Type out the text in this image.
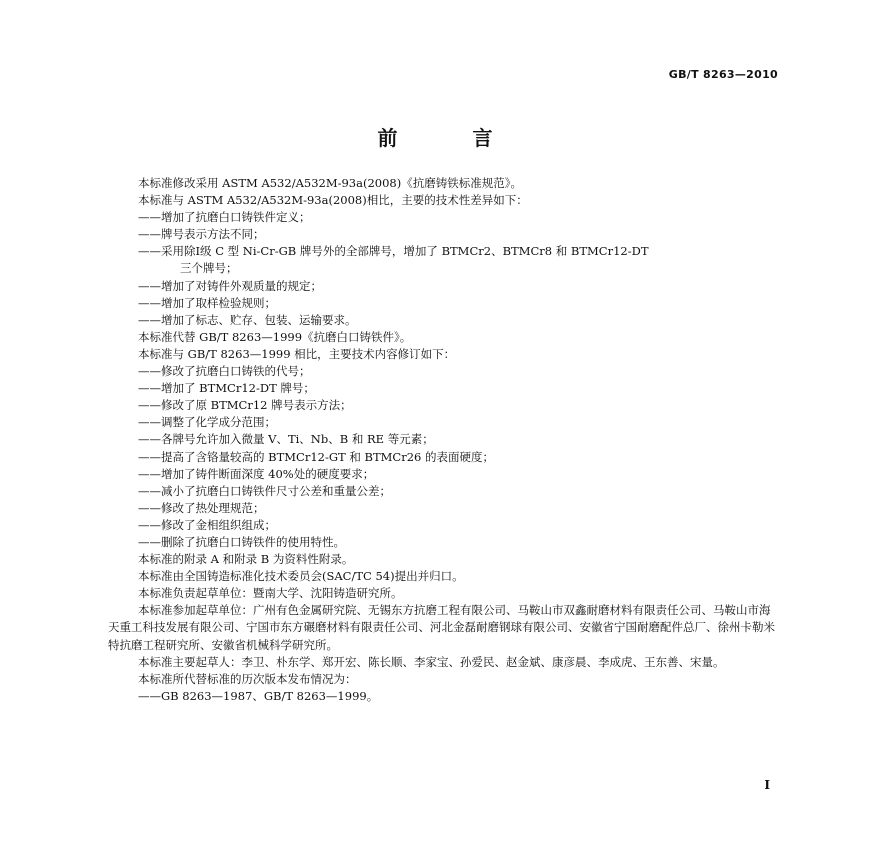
GB/T 8263—2010
前 言

本标准修改采用 ASTM A532/A532M-93a(2008)《抗磨铸铁标准规范》。

本标准与 ASTM A532/A532M-93a(2008)相比，主要的技术性差异如下：

——增加了抗磨白口铸铁件定义；

——牌号表示方法不同；

——采用除Ⅰ级 C 型 Ni-Cr-GB 牌号外的全部牌号，增加了 BTMCr2、BTMCr8 和 BTMCr12-DT

三个牌号；

——增加了对铸件外观质量的规定；

——增加了取样检验规则；

——增加了标志、贮存、包装、运输要求。

本标准代替 GB/T 8263—1999《抗磨白口铸铁件》。

本标准与 GB/T 8263—1999 相比，主要技术内容修订如下：

——修改了抗磨白口铸铁的代号；

——增加了 BTMCr12-DT 牌号；

——修改了原 BTMCr12 牌号表示方法；

——调整了化学成分范围；

——各牌号允许加入微量 V、Ti、Nb、B 和 RE 等元素；

——提高了含铬量较高的 BTMCr12-GT 和 BTMCr26 的表面硬度；

——增加了铸件断面深度 40%处的硬度要求；

——减小了抗磨白口铸铁件尺寸公差和重量公差；

——修改了热处理规范；

——修改了金相组织组成；

——删除了抗磨白口铸铁件的使用特性。

本标准的附录 A 和附录 B 为资料性附录。

本标准由全国铸造标准化技术委员会(SAC/TC 54)提出并归口。

本标准负责起草单位：暨南大学、沈阳铸造研究所。

本标准参加起草单位：广州有色金属研究院、无锡东方抗磨工程有限公司、马鞍山市双鑫耐磨材料有限责任公司、马鞍山市海天重工科技发展有限公司、宁国市东方碾磨材料有限责任公司、河北金磊耐磨钢球有限公司、安徽省宁国耐磨配件总厂、徐州卡勒米特抗磨工程研究所、安徽省机械科学研究所。

本标准主要起草人：李卫、朴东学、郑开宏、陈长顺、李家宝、孙爱民、赵金斌、康彦晨、李成虎、王东善、宋量。

本标准所代替标准的历次版本发布情况为：

——GB 8263—1987、GB/T 8263—1999。

I
